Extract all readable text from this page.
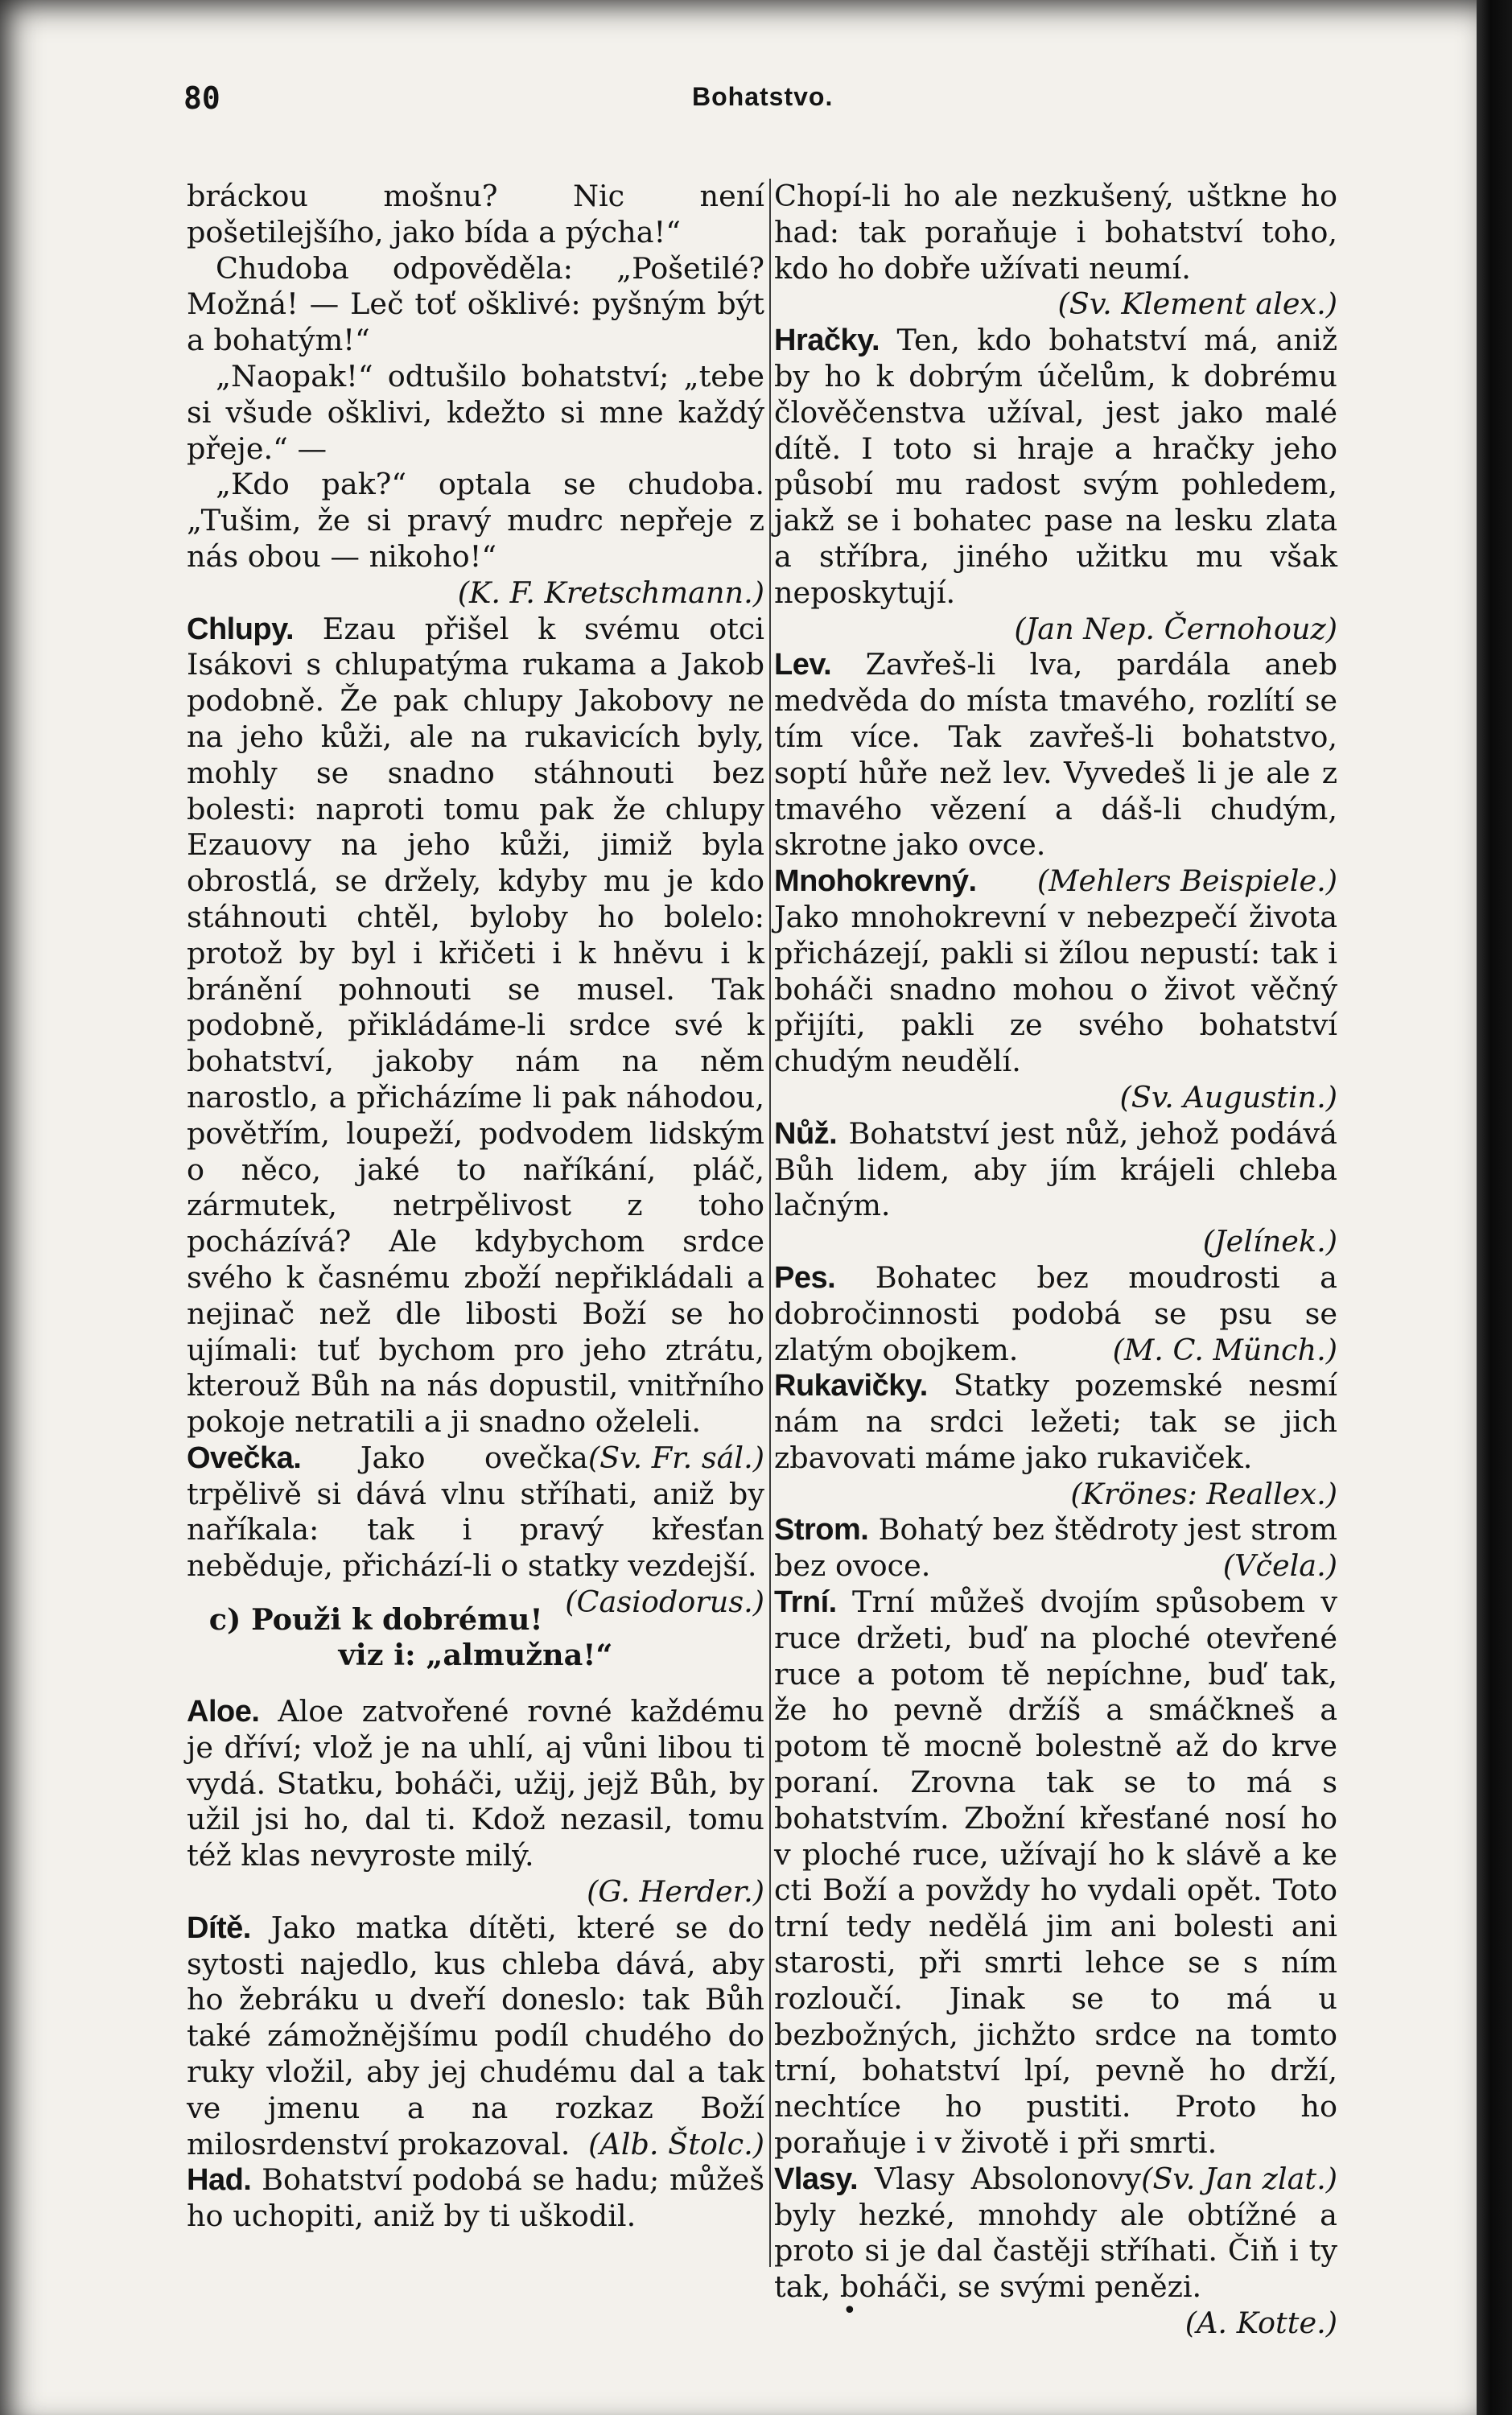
80	Bohatstvo.

bráckou mošnu? Nic není pošetilejšího, jako bída a pýcha!“

Chudoba odpověděla: „Pošetilé? Možná! — Leč toť ošklivé: pyšným být a bohatým!“

„Naopak!“ odtušilo bohatství; „tebe si všude ošklivi, kdežto si mne každý přeje.“ —

„Kdo pak?“ optala se chudoba. „Tušim, že si pravý mudrc nepřeje z nás obou — nikoho!“
(K. F. Kretschmann.)

Chlupy. Ezau přišel k svému otci Isákovi s chlupatýma rukama a Jakob podobně. Že pak chlupy Jakobovy ne na jeho kůži, ale na rukavicích byly, mohly se snadno stáhnouti bez bolesti: naproti tomu pak že chlupy Ezauovy na jeho kůži, jimiž byla obrostlá, se držely, kdyby mu je kdo stáhnouti chtěl, byloby ho bolelo: protož by byl i křičeti i k hněvu i k bránění pohnouti se musel. Tak podobně, přikládáme-li srdce své k bohatství, jakoby nám na něm narostlo, a přicházíme li pak náhodou, povětřím, loupeží, podvodem lidským o něco, jaké to naříkání, pláč, zármutek, netrpělivost z toho pocházívá? Ale kdybychom srdce svého k časnému zboží nepřikládali a nejinač než dle libosti Boží se ho ujímali: tuť bychom pro jeho ztrátu, kterouž Bůh na nás dopustil, vnitřního pokoje netratili a ji snadno oželeli.
(Sv. Fr. sál.)

Ovečka. Jako ovečka trpělivě si dává vlnu stříhati, aniž by naříkala: tak i pravý křesťan neběduje, přichází-li o statky vezdejší.
(Casiodorus.)

c) Použi k dobrému! viz i: „almužna!“

Aloe. Aloe zatvořené rovné každému je dříví; vlož je na uhlí, aj vůni libou ti vydá. Statku, boháči, užij, jejž Bůh, by užil jsi ho, dal ti. Kdož nezasil, tomu též klas nevyroste milý.
(G. Herder.)

Dítě. Jako matka dítěti, které se do sytosti najedlo, kus chleba dává, aby ho žebráku u dveří doneslo: tak Bůh také zámožnějšímu podíl chudého do ruky vložil, aby jej chudému dal a tak ve jmenu a na rozkaz Boží milosrdenství prokazoval. (Alb. Štolc.)

Had. Bohatství podobá se hadu; můžeš ho uchopiti, aniž by ti uškodil.

Chopí-li ho ale nezkušený, uštkne ho had: tak poraňuje i bohatství toho, kdo ho dobře užívati neumí.
(Sv. Klement alex.)

Hračky. Ten, kdo bohatství má, aniž by ho k dobrým účelům, k dobrému člověčenstva užíval, jest jako malé dítě. I toto si hraje a hračky jeho působí mu radost svým pohledem, jakž se i bohatec pase na lesku zlata a stříbra, jiného užitku mu však neposkytují.
(Jan Nep. Černohouz)

Lev. Zavřeš-li lva, pardála aneb medvěda do místa tmavého, rozlítí se tím více. Tak zavřeš-li bohatstvo, soptí hůře než lev. Vyvedeš li je ale z tmavého vězení a dáš-li chudým, skrotne jako ovce.
(Mehlers Beispiele.)

Mnohokrevný. Jako mnohokrevní v nebezpečí života přicházejí, pakli si žílou nepustí: tak i boháči snadno mohou o život věčný přijíti, pakli ze svého bohatství chudým neudělí.
(Sv. Augustin.)

Nůž. Bohatství jest nůž, jehož podává Bůh lidem, aby jím krájeli chleba lačným.
(Jelínek.)

Pes. Bohatec bez moudrosti a dobročinnosti podobá se psu se zlatým obojkem.	(M. C. Münch.)

Rukavičky. Statky pozemské nesmí nám na srdci ležeti; tak se jich zbavovati máme jako rukaviček.
(Krönes: Reallex.)

Strom. Bohatý bez štědroty jest strom bez ovoce.	(Včela.)

Trní. Trní můžeš dvojím spůsobem v ruce držeti, buď na ploché otevřené ruce a potom tě nepíchne, buď tak, že ho pevně držíš a smáčkneš a potom tě mocně bolestně až do krve poraní. Zrovna tak se to má s bohatstvím. Zbožní křesťané nosí ho v ploché ruce, užívají ho k slávě a ke cti Boží a povždy ho vydali opět. Toto trní tedy nedělá jim ani bolesti ani starosti, při smrti lehce se s ním rozloučí. Jinak se to má u bezbožných, jichžto srdce na tomto trní, bohatství lpí, pevně ho drží, nechtíce ho pustiti. Proto ho poraňuje i v životě i při smrti.
(Sv. Jan zlat.)

Vlasy. Vlasy Absolonovy byly hezké, mnohdy ale obtížné a proto si je dal častěji stříhati. Čiň i ty tak, boháči, se svými penězi.
(A. Kotte.)

•
